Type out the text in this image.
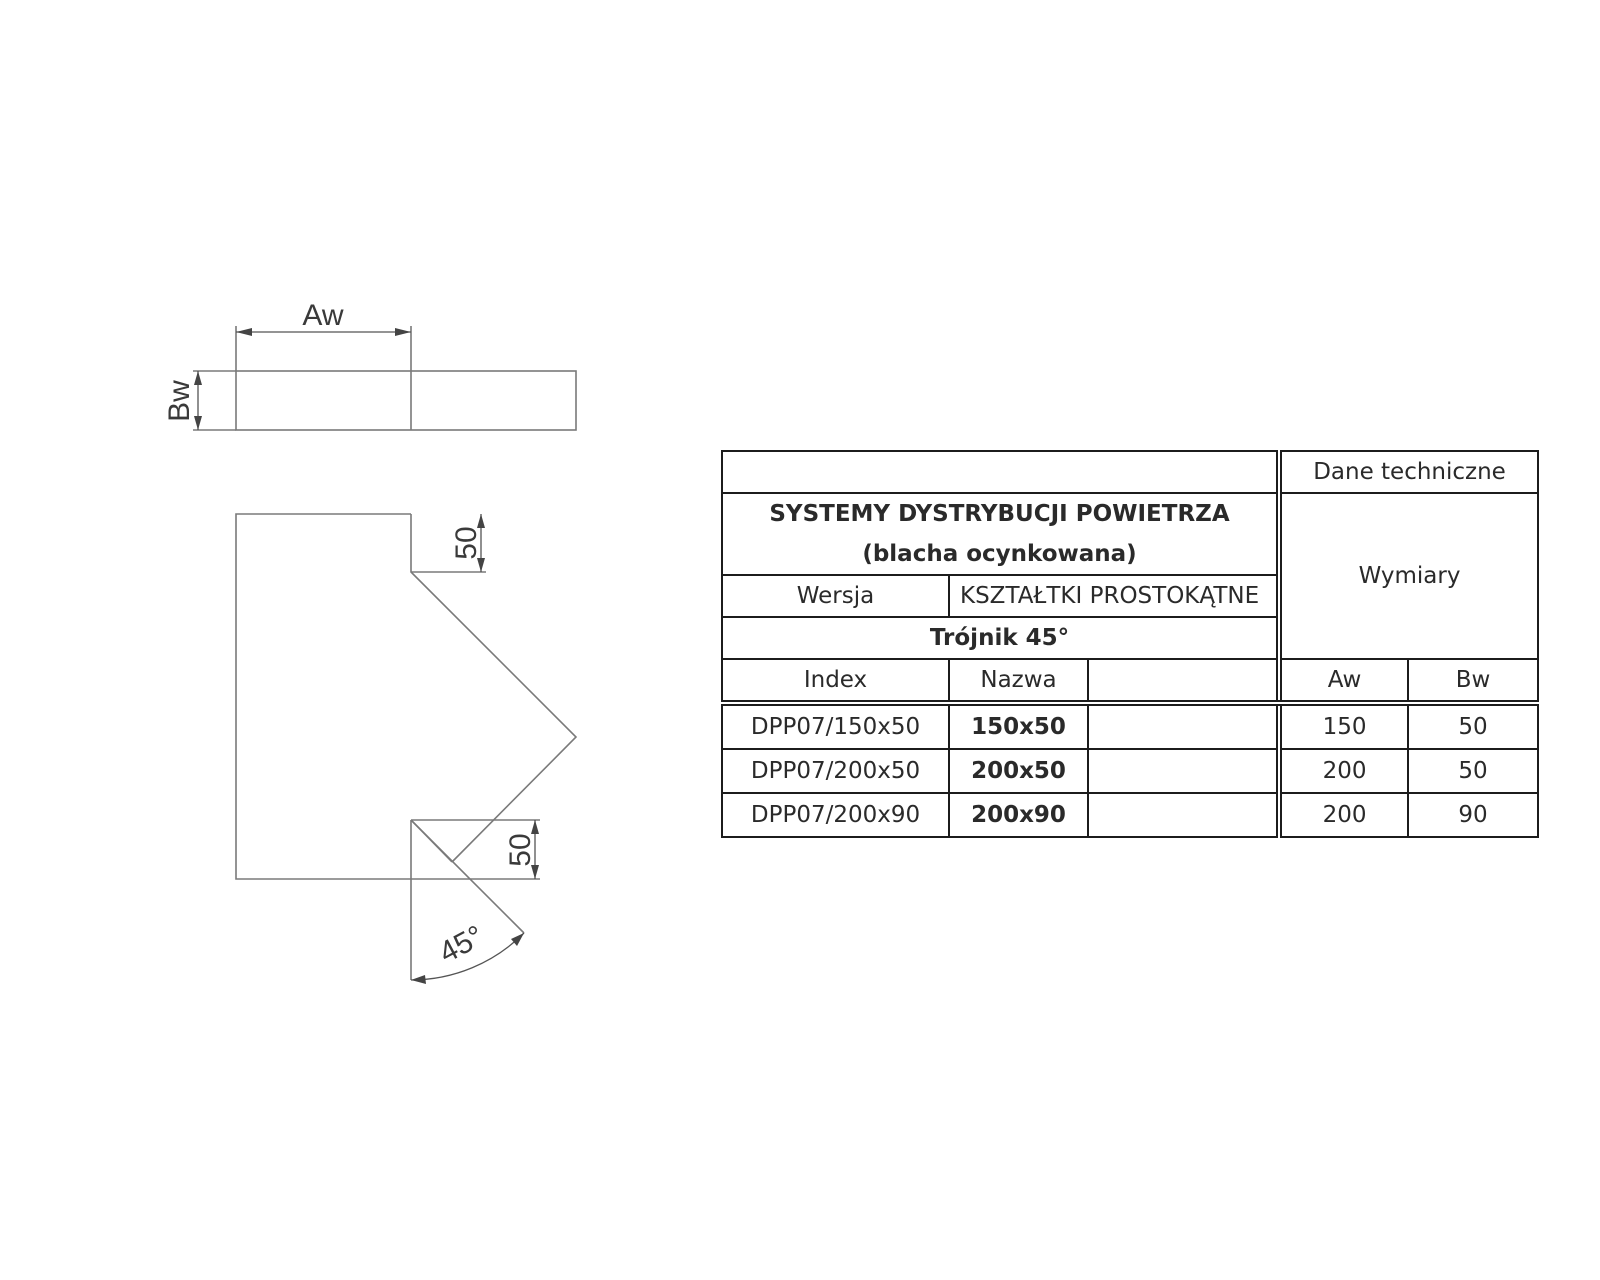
Aw
Bw
50
50
45°
			Dane techniczne	

SYSTEMY DYSTRYBUCJI POWIETRZA
(blacha ocynkowana)			Wymiary	
Wersja	KSZTAŁTKI PROSTOKĄTNE			
Trójnik 45°				
Index	Nazwa		Aw	Bw
DPP07/150x50	150x50		150	50
DPP07/200x50	200x50		200	50
DPP07/200x90	200x90		200	90
